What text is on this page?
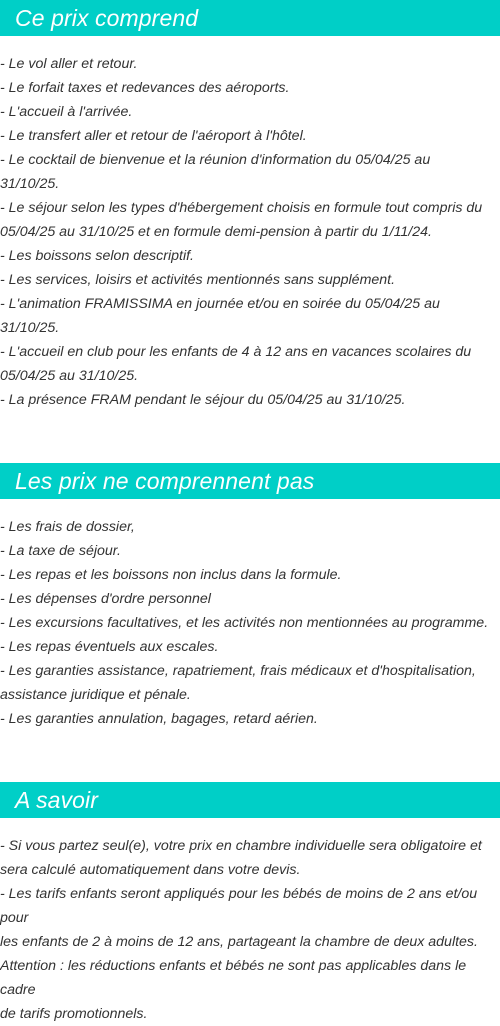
Ce prix comprend
- Le vol aller et retour.
- Le forfait taxes et redevances des aéroports.
- L'accueil à l'arrivée.
- Le transfert aller et retour de l'aéroport à l'hôtel.
- Le cocktail de bienvenue et la réunion d'information du 05/04/25 au
31/10/25.
- Le séjour selon les types d'hébergement choisis en formule tout compris du
05/04/25 au 31/10/25 et en formule demi-pension à partir du 1/11/24.
- Les boissons selon descriptif.
- Les services, loisirs et activités mentionnés sans supplément.
- L'animation FRAMISSIMA en journée et/ou en soirée du 05/04/25 au
31/10/25.
- L'accueil en club pour les enfants de 4 à 12 ans en vacances scolaires du
05/04/25 au 31/10/25.
- La présence FRAM pendant le séjour du 05/04/25 au 31/10/25.
Les prix ne comprennent pas
- Les frais de dossier,
- La taxe de séjour.
- Les repas et les boissons non inclus dans la formule.
- Les dépenses d'ordre personnel
- Les excursions facultatives, et les activités non mentionnées au programme.
- Les repas éventuels aux escales.
- Les garanties assistance, rapatriement, frais médicaux et d'hospitalisation,
assistance juridique et pénale.
- Les garanties annulation, bagages, retard aérien.
A savoir
- Si vous partez seul(e), votre prix en chambre individuelle sera obligatoire et
sera calculé automatiquement dans votre devis.
- Les tarifs enfants seront appliqués pour les bébés de moins de 2 ans et/ou pour
les enfants de 2 à moins de 12 ans, partageant la chambre de deux adultes.
Attention : les réductions enfants et bébés ne sont pas applicables dans le cadre
de tarifs promotionnels.
